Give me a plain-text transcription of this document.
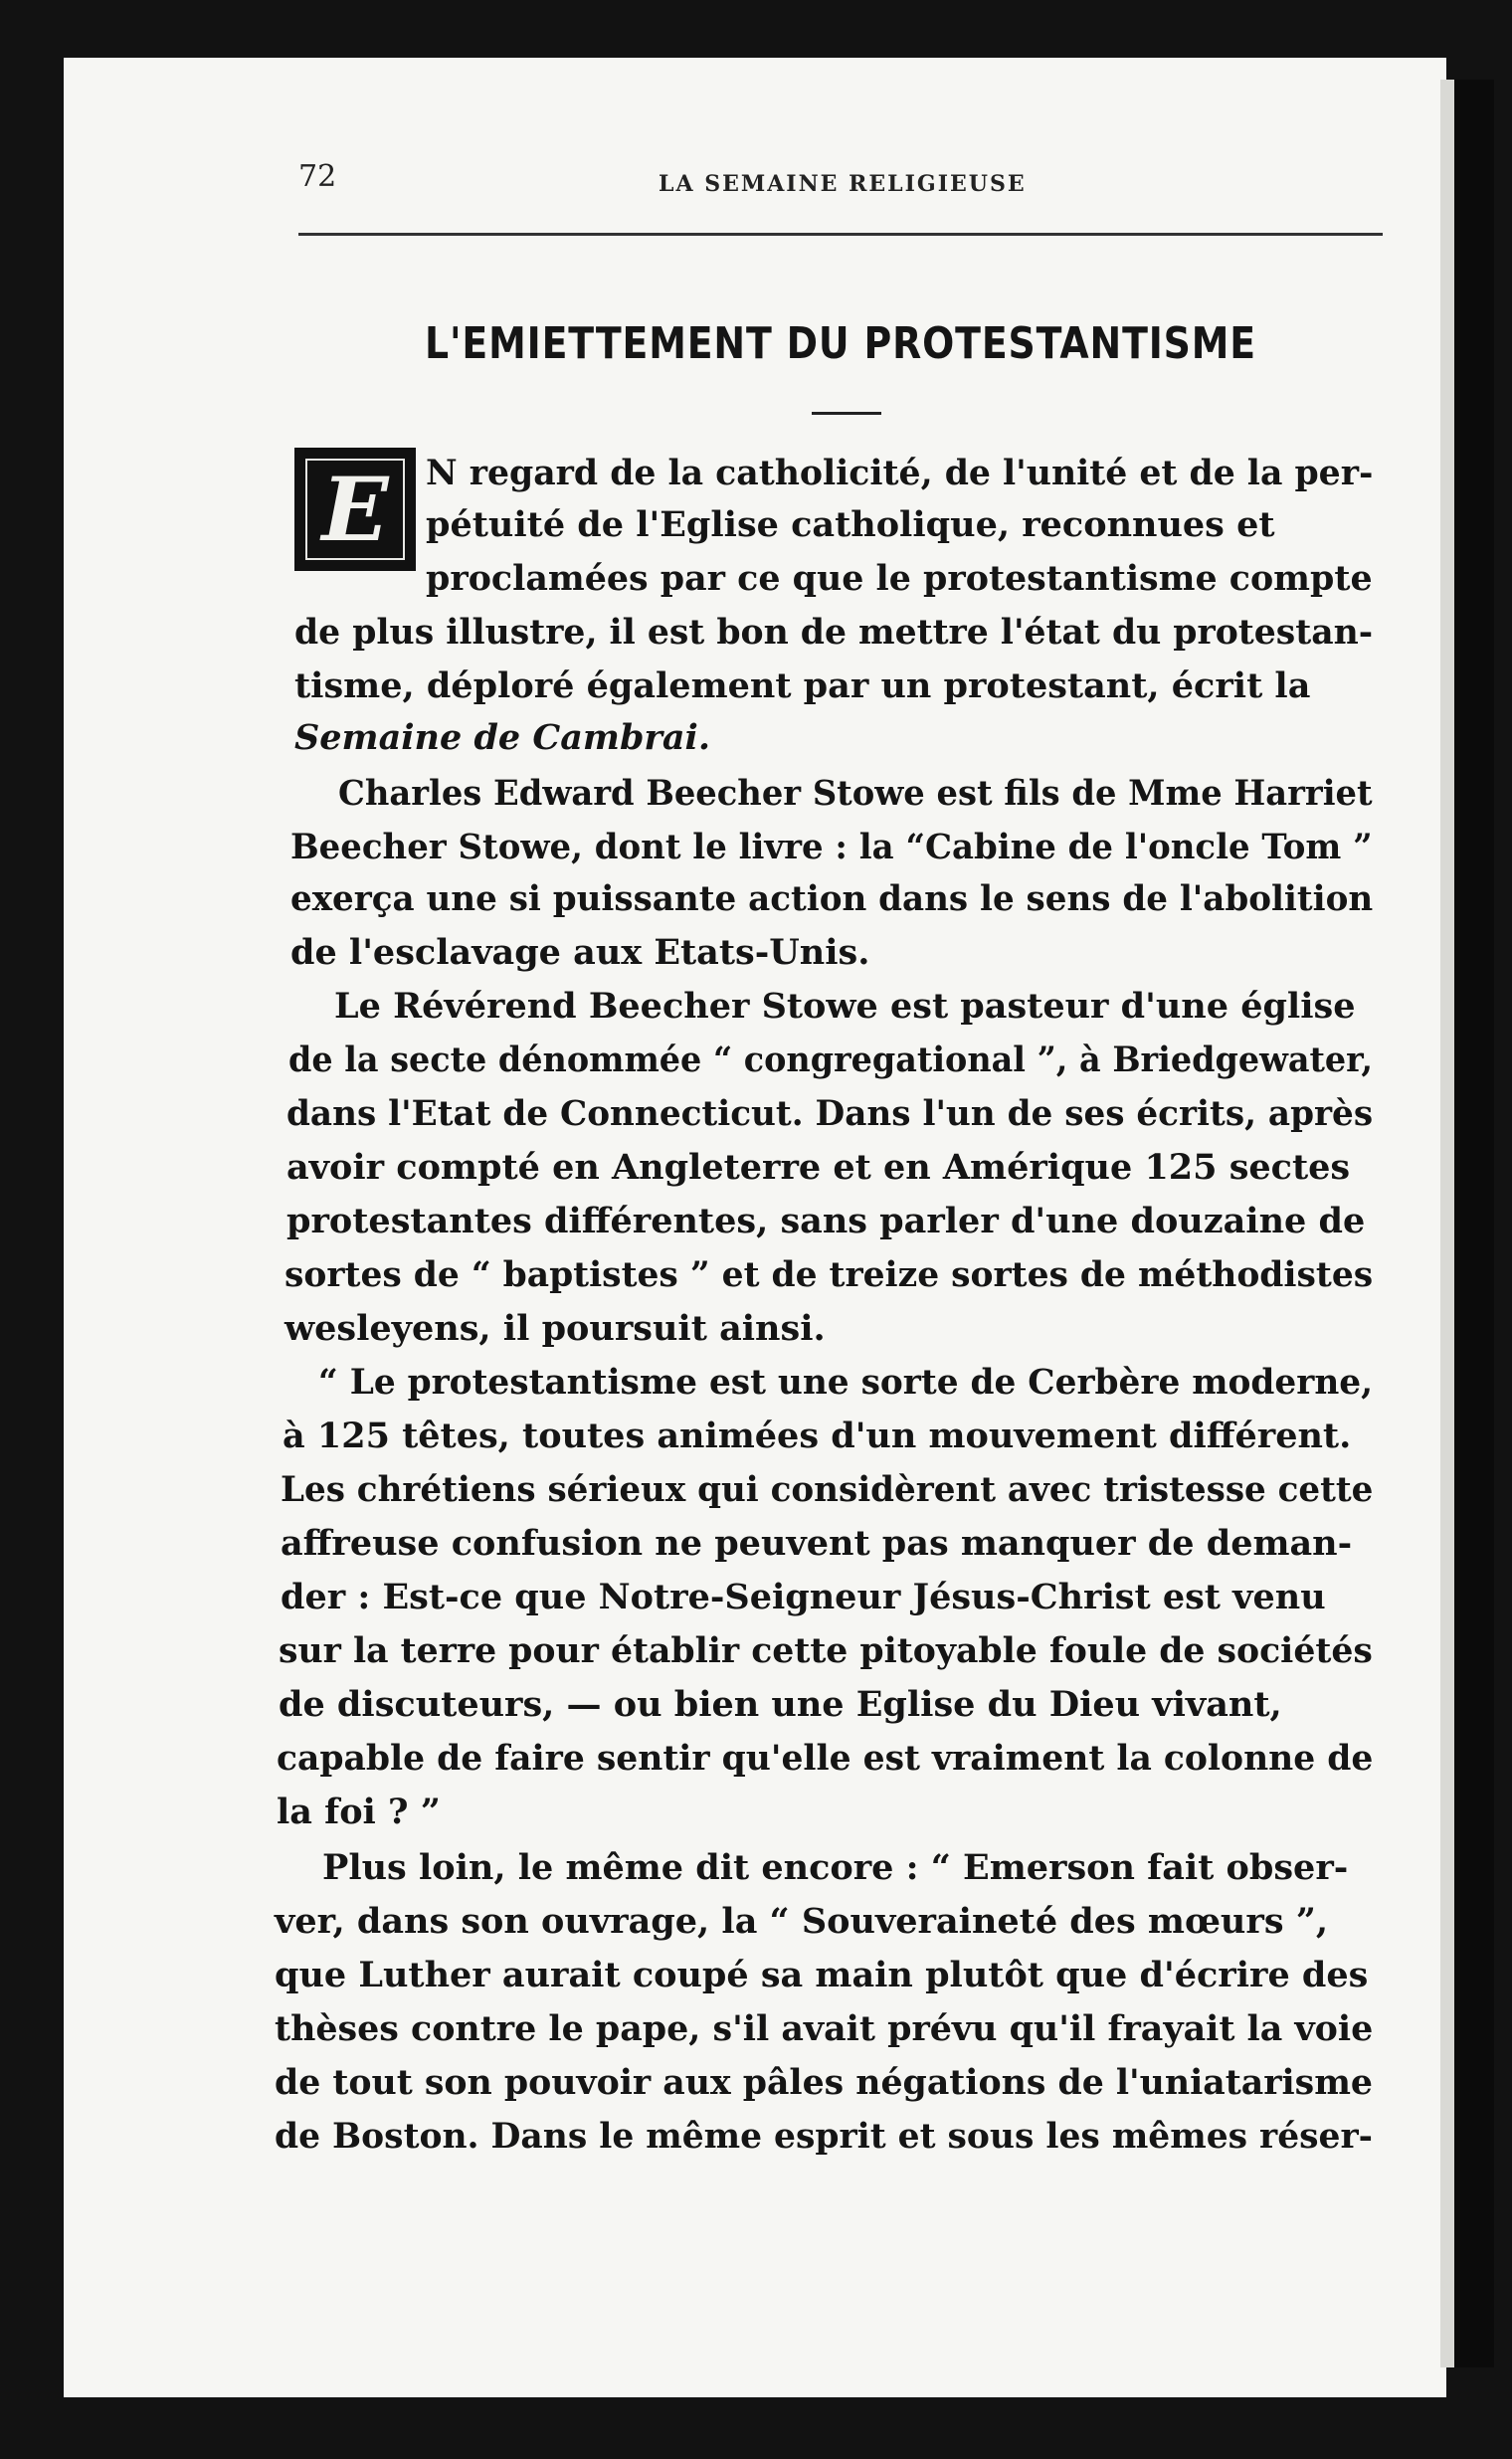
72	LA SEMAINE RELIGIEUSE
L'EMIETTEMENT DU PROTESTANTISME
E N regard de la catholicité, de l'unité et de la per-
pétuité de l'Eglise catholique, reconnues et
proclamées par ce que le protestantisme compte
de plus illustre, il est bon de mettre l'état du protestan-
tisme, déploré également par un protestant, écrit la
Semaine de Cambrai.
Charles Edward Beecher Stowe est fils de Mme Harriet
Beecher Stowe, dont le livre : la “Cabine de l'oncle Tom ”
exerça une si puissante action dans le sens de l'abolition
de l'esclavage aux Etats-Unis.
Le Révérend Beecher Stowe est pasteur d'une église
de la secte dénommée “ congregational ”, à Briedgewater,
dans l'Etat de Connecticut. Dans l'un de ses écrits, après
avoir compté en Angleterre et en Amérique 125 sectes
protestantes différentes, sans parler d'une douzaine de
sortes de “ baptistes ” et de treize sortes de méthodistes
wesleyens, il poursuit ainsi.
“ Le protestantisme est une sorte de Cerbère moderne,
à 125 têtes, toutes animées d'un mouvement différent.
Les chrétiens sérieux qui considèrent avec tristesse cette
affreuse confusion ne peuvent pas manquer de deman-
der : Est-ce que Notre-Seigneur Jésus-Christ est venu
sur la terre pour établir cette pitoyable foule de sociétés
de discuteurs, — ou bien une Eglise du Dieu vivant,
capable de faire sentir qu'elle est vraiment la colonne de
la foi ? ”
Plus loin, le même dit encore : “ Emerson fait obser-
ver, dans son ouvrage, la “ Souveraineté des mœurs ”,
que Luther aurait coupé sa main plutôt que d'écrire des
thèses contre le pape, s'il avait prévu qu'il frayait la voie
de tout son pouvoir aux pâles négations de l'uniatarisme
de Boston. Dans le même esprit et sous les mêmes réser-
